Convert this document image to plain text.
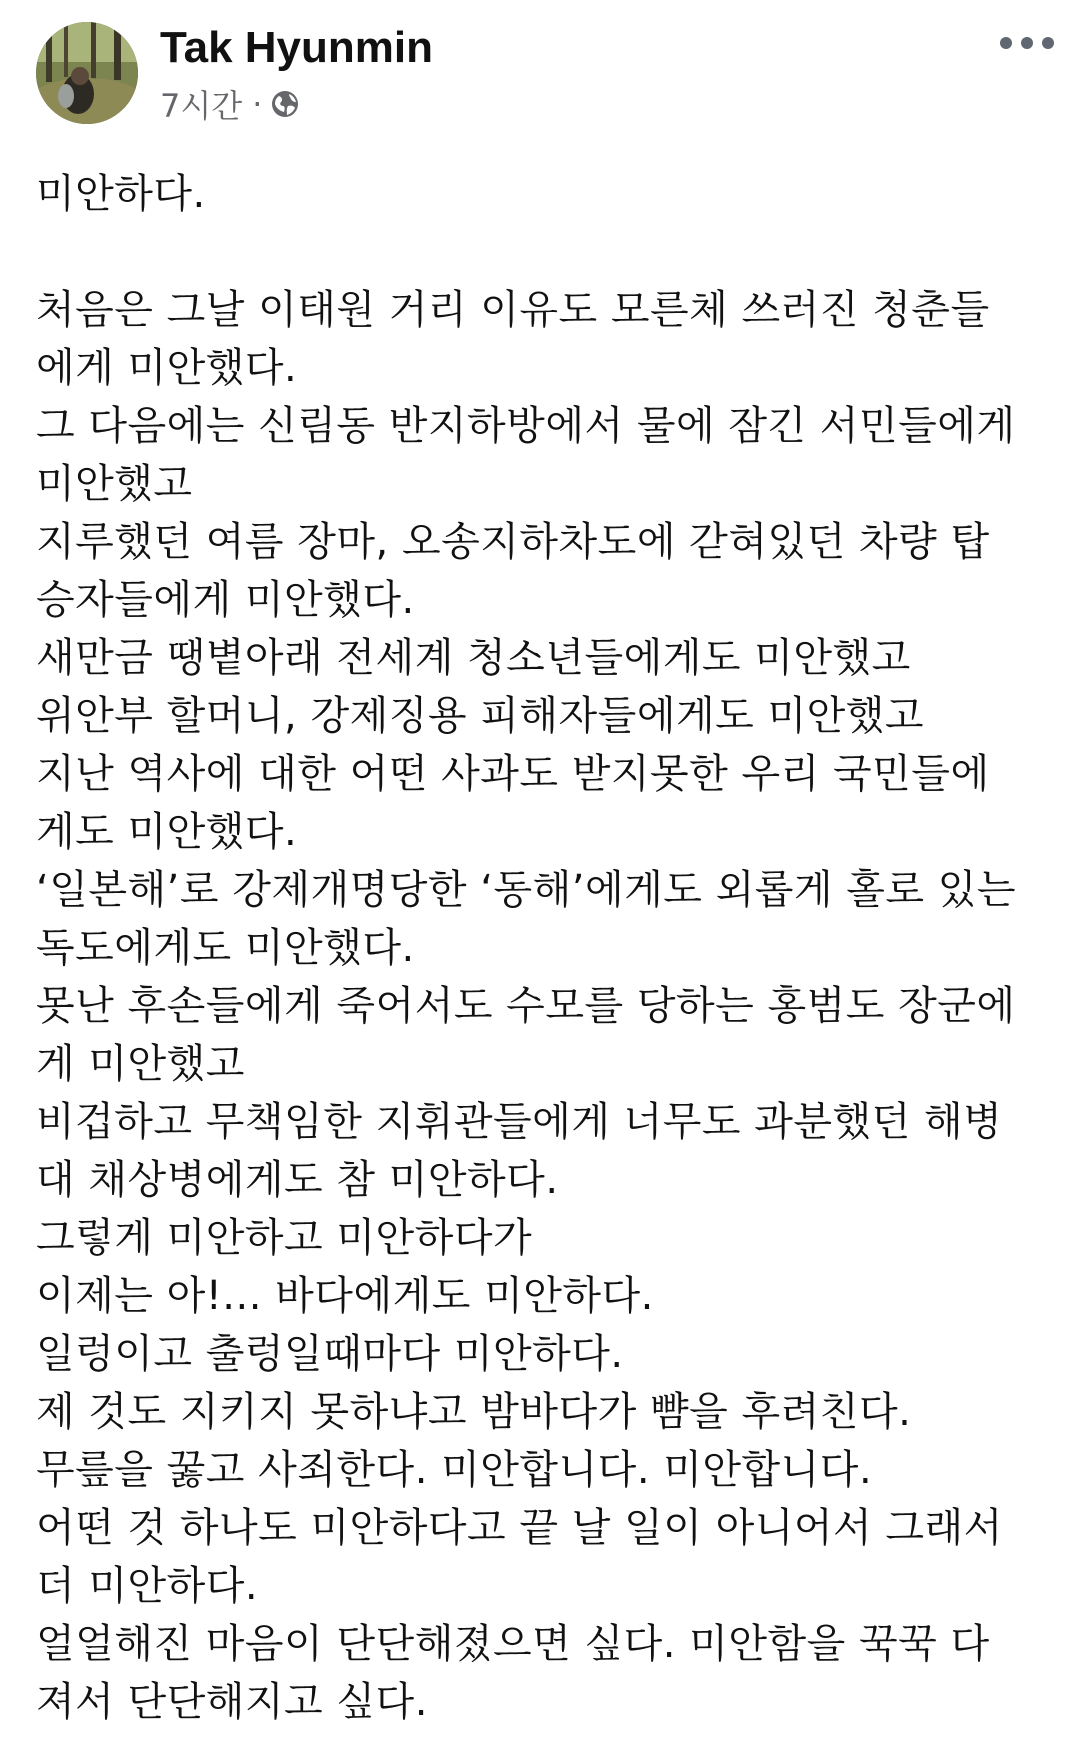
Tak Hyunmin
7시간 ·
미안하다.
처음은 그날 이태원 거리 이유도 모른체 쓰러진 청춘들
에게 미안했다.
그 다음에는 신림동 반지하방에서 물에 잠긴 서민들에게
미안했고
지루했던 여름 장마, 오송지하차도에 갇혀있던 차량 탑
승자들에게 미안했다.
새만금 땡볕아래 전세계 청소년들에게도 미안했고
위안부 할머니, 강제징용 피해자들에게도 미안했고
지난 역사에 대한 어떤 사과도 받지못한 우리 국민들에
게도 미안했다.
‘일본해’로 강제개명당한 ‘동해’에게도 외롭게 홀로 있는
독도에게도 미안했다.
못난 후손들에게 죽어서도 수모를 당하는 홍범도 장군에
게 미안했고
비겁하고 무책임한 지휘관들에게 너무도 과분했던 해병
대 채상병에게도 참 미안하다.
그렇게 미안하고 미안하다가
이제는 아!... 바다에게도 미안하다.
일렁이고 출렁일때마다 미안하다.
제 것도 지키지 못하냐고 밤바다가 뺨을 후려친다.
무릎을 꿇고 사죄한다. 미안합니다. 미안합니다.
어떤 것 하나도 미안하다고 끝 날 일이 아니어서 그래서
더 미안하다.
얼얼해진 마음이 단단해졌으면 싶다. 미안함을 꾹꾹 다
져서 단단해지고 싶다.
